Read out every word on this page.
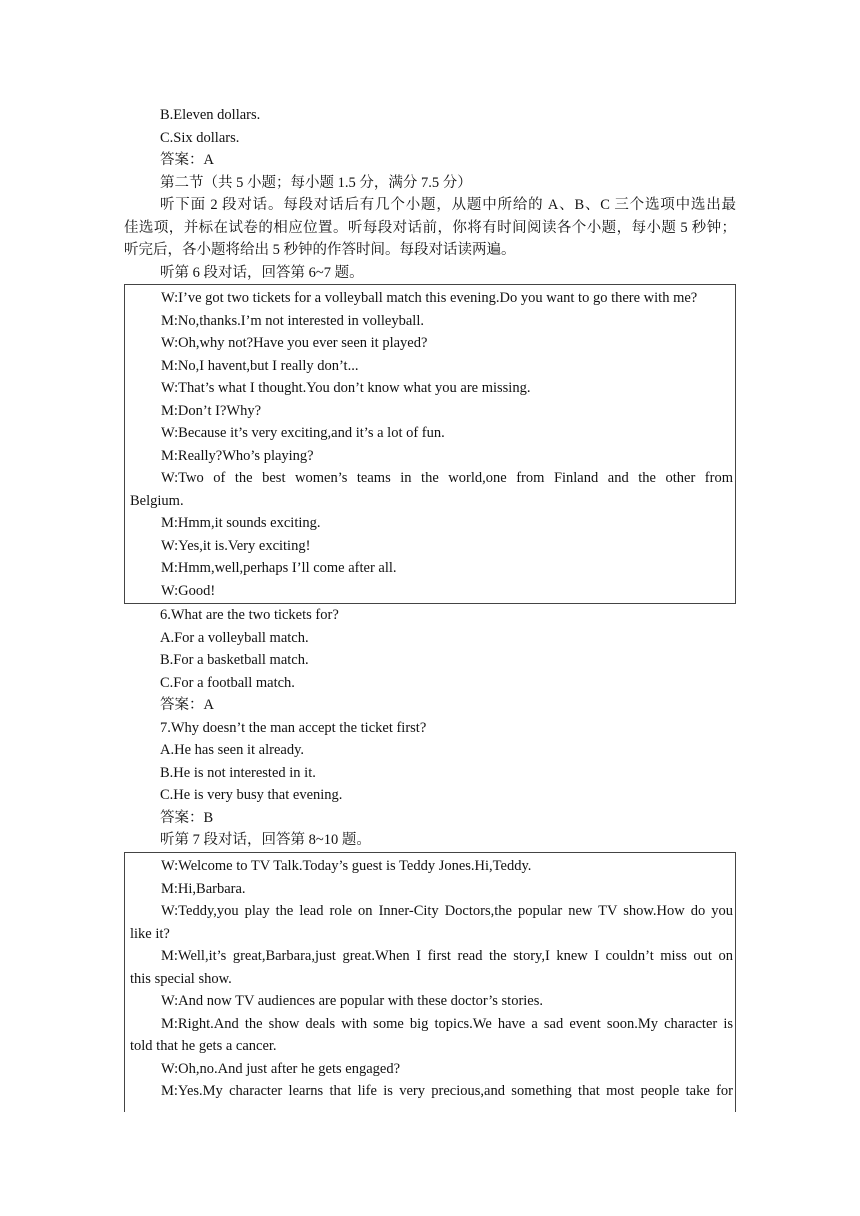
B.Eleven dollars.
C.Six dollars.
答案：A
第二节（共 5 小题；每小题 1.5 分，满分 7.5 分）
听下面 2 段对话。每段对话后有几个小题，从题中所给的 A、B、C 三个选项中选出最
佳选项，并标在试卷的相应位置。听每段对话前，你将有时间阅读各个小题，每小题 5 秒钟；
听完后，各小题将给出 5 秒钟的作答时间。每段对话读两遍。
听第 6 段对话，回答第 6~7 题。
W:I’ve got two tickets for a volleyball match this evening.Do you want to go there with me?
M:No,thanks.I’m not interested in volleyball.
W:Oh,why not?Have you ever seen it played?
M:No,I havent,but I really don’t...
W:That’s what I thought.You don’t know what you are missing.
M:Don’t I?Why?
W:Because it’s very exciting,and it’s a lot of fun.
M:Really?Who’s playing?
W:Two of the best women’s teams in the world,one from Finland and the other from
Belgium.
M:Hmm,it sounds exciting.
W:Yes,it is.Very exciting!
M:Hmm,well,perhaps I’ll come after all.
W:Good!
6.What are the two tickets for?
A.For a volleyball match.
B.For a basketball match.
C.For a football match.
答案：A
7.Why doesn’t the man accept the ticket first?
A.He has seen it already.
B.He is not interested in it.
C.He is very busy that evening.
答案：B
听第 7 段对话，回答第 8~10 题。
W:Welcome to TV Talk.Today’s guest is Teddy Jones.Hi,Teddy.
M:Hi,Barbara.
W:Teddy,you play the lead role on Inner-City Doctors,the popular new TV show.How do you
like it?
M:Well,it’s great,Barbara,just great.When I first read the story,I knew I couldn’t miss out on
this special show.
W:And now TV audiences are popular with these doctor’s stories.
M:Right.And the show deals with some big topics.We have a sad event soon.My character is
told that he gets a cancer.
W:Oh,no.And just after he gets engaged?
M:Yes.My character learns that life is very precious,and something that most people take for
